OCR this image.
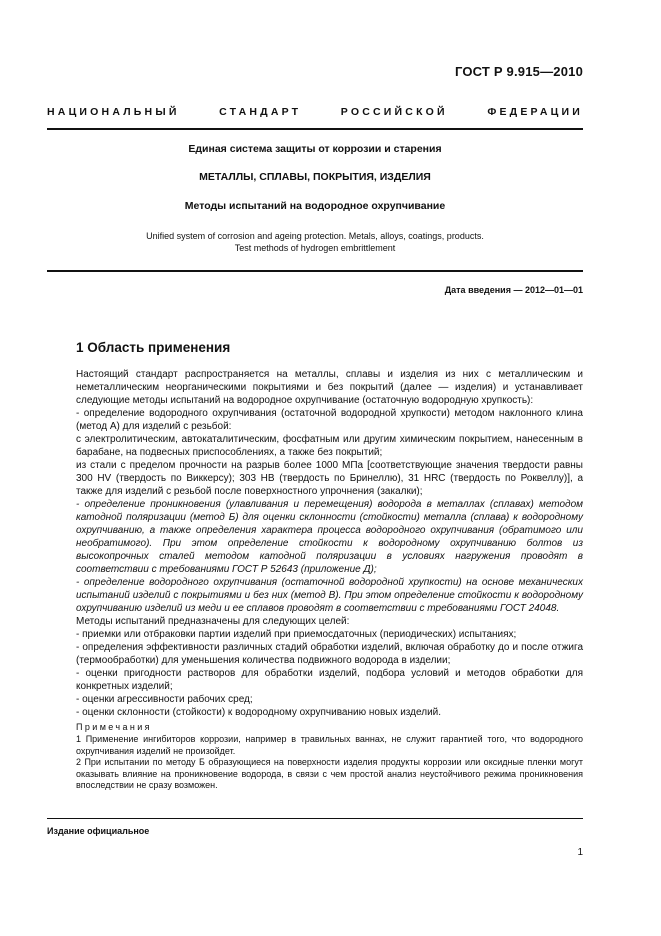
ГОСТ Р 9.915—2010
НАЦИОНАЛЬНЫЙ	СТАНДАРТ	РОССИЙСКОЙ	ФЕДЕРАЦИИ
Единая система защиты от коррозии и старения
МЕТАЛЛЫ, СПЛАВЫ, ПОКРЫТИЯ, ИЗДЕЛИЯ
Методы испытаний на водородное охрупчивание
Unified system of corrosion and ageing protection. Metals, alloys, coatings, products.
Test methods of hydrogen embrittlement
Дата введения — 2012—01—01
1 Область применения

Настоящий стандарт распространяется на металлы, сплавы и изделия из них с металлическим и неметаллическим неорганическими покрытиями и без покрытий (далее — изделия) и устанавливает следующие методы испытаний на водородное охрупчивание (остаточную водородную хрупкость):

- определение водородного охрупчивания (остаточной водородной хрупкости) методом наклонного клина (метод А) для изделий с резьбой:

с электролитическим, автокаталитическим, фосфатным или другим химическим покрытием, нанесенным в барабане, на подвесных приспособлениях, а также без покрытий;

из стали с пределом прочности на разрыв более 1000 МПа [соответствующие значения твердости равны 300 HV (твердость по Виккерсу); 303 HB (твердость по Бринеллю), 31 HRC (твердость по Роквеллу)], а также для изделий с резьбой после поверхностного упрочнения (закалки);

- определение проникновения (улавливания и перемещения) водорода в металлах (сплавах) методом катодной поляризации (метод Б) для оценки склонности (стойкости) металла (сплава) к водородному охрупчиванию, а также определения характера процесса водородного охрупчивания (обратимого или необратимого). При этом определение стойкости к водородному охрупчиванию болтов из высокопрочных сталей методом катодной поляризации в условиях нагружения проводят в соответствии с требованиями ГОСТ Р 52643 (приложение Д);

- определение водородного охрупчивания (остаточной водородной хрупкости) на основе механических испытаний изделий с покрытиями и без них (метод В). При этом определение стойкости к водородному охрупчиванию изделий из меди и ее сплавов проводят в соответствии с требованиями ГОСТ 24048.

Методы испытаний предназначены для следующих целей:

- приемки или отбраковки партии изделий при приемосдаточных (периодических) испытаниях;

- определения эффективности различных стадий обработки изделий, включая обработку до и после отжига (термообработки) для уменьшения количества подвижного водорода в изделии;

- оценки пригодности растворов для обработки изделий, подбора условий и методов обработки для конкретных изделий;

- оценки агрессивности рабочих сред;

- оценки склонности (стойкости) к водородному охрупчиванию новых изделий.

Примечания

1 Применение ингибиторов коррозии, например в травильных ваннах, не служит гарантией того, что водородного охрупчивания изделий не произойдет.

2 При испытании по методу Б образующиеся на поверхности изделия продукты коррозии или оксидные пленки могут оказывать влияние на проникновение водорода, в связи с чем простой анализ неустойчивого режима проникновения впоследствии не сразу возможен.

Издание официальное
1
